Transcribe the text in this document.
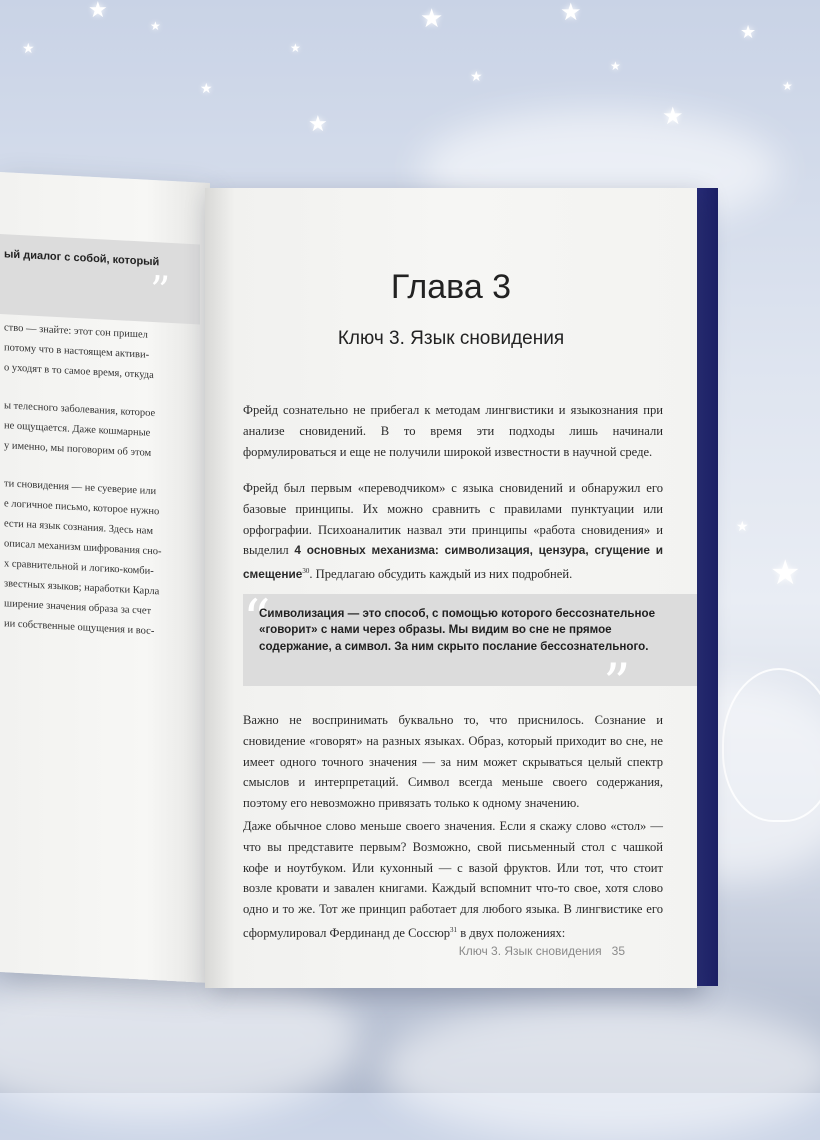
★
★
★
★
★
★
★
★
★
★
★
★
★
★
★
ый диалог с собой, который
”
ство — знайте: этот сон пришел
потому что в настоящем активи-
о уходят в то самое время, откуда
ы телесного заболевания, которое
не ощущается. Даже кошмарные
у именно, мы поговорим об этом
ти сновидения — не суеверие или
е логичное письмо, которое нужно
ести на язык сознания. Здесь нам
описал механизм шифрования сно-
х сравнительной и логико-комби-
звестных языков; наработки Карла
ширение значения образа за счет
ии собственные ощущения и вос-
Глава 3
Ключ 3. Язык сновидения

Фрейд сознательно не прибегал к методам лингвистики и языкознания при анализе сновидений. В то время эти подходы лишь начинали формулироваться и еще не получили широкой известности в научной среде.

Фрейд был первым «переводчиком» с языка сновидений и обнаружил его базовые принципы. Их можно сравнить с правилами пунктуации или орфографии. Психоаналитик назвал эти принципы «работа сновидения» и выделил 4 основных механизма: символизация, цензура, сгущение и смещение$^{30}$. Предлагаю обсудить каждый из них подробней.

“
Символизация — это способ, с помощью которого бессознательное «говорит» с нами через образы. Мы видим во сне не прямое содержание, а символ. За ним скрыто послание бессознательного.
”

Важно не воспринимать буквально то, что приснилось. Сознание и сновидение «говорят» на разных языках. Образ, который приходит во сне, не имеет одного точного значения — за ним может скрываться целый спектр смыслов и интерпретаций. Символ всегда меньше своего содержания, поэтому его невозможно привязать только к одному значению.

Даже обычное слово меньше своего значения. Если я скажу слово «стол» — что вы представите первым? Возможно, свой письменный стол с чашкой кофе и ноутбуком. Или кухонный — с вазой фруктов. Или тот, что стоит возле кровати и завален книгами. Каждый вспомнит что-то свое, хотя слово одно и то же. Тот же принцип работает для любого языка. В лингвистике его сформулировал Фердинанд де Соссюр$^{31}$ в двух положениях:

Ключ 3. Язык сновидения 35
